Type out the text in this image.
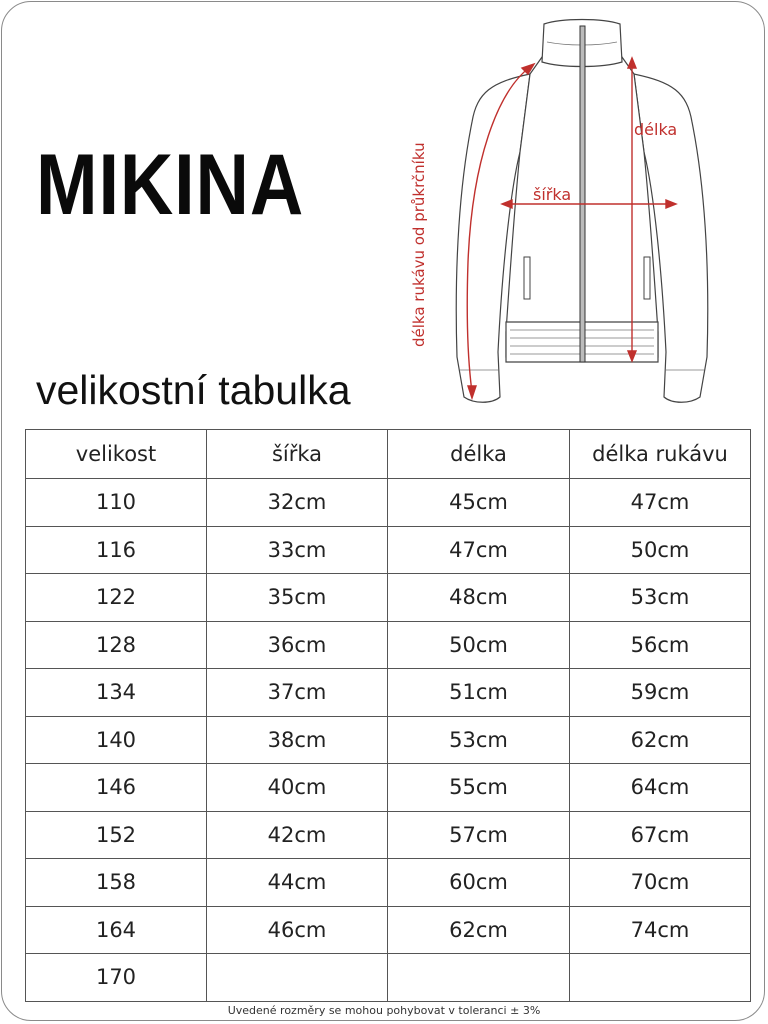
MIKINA
délka
šířka
délka rukávu od průkrčníku
velikostní tabulka
velikost	šířka	délka	délka rukávu
110	32cm	45cm	47cm
116	33cm	47cm	50cm
122	35cm	48cm	53cm
128	36cm	50cm	56cm
134	37cm	51cm	59cm
140	38cm	53cm	62cm
146	40cm	55cm	64cm
152	42cm	57cm	67cm
158	44cm	60cm	70cm
164	46cm	62cm	74cm
170			
Uvedené rozměry se mohou pohybovat v toleranci ± 3%
